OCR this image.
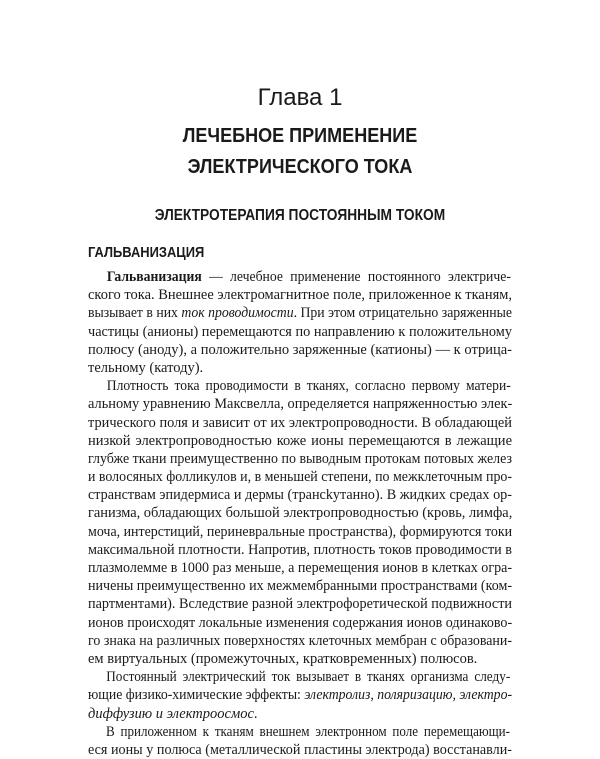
Глава 1
ЛЕЧЕБНОЕ ПРИМЕНЕНИЕ
ЭЛЕКТРИЧЕСКОГО ТОКА
ЭЛЕКТРОТЕРАПИЯ ПОСТОЯННЫМ ТОКОМ
ГАЛЬВАНИЗАЦИЯ
Гальванизация — лечебное применение постоянного электриче-
ского тока. Внешнее электромагнитное поле, приложенное к тканям,
вызывает в них ток проводимости. При этом отрицательно заряженные
частицы (анионы) перемещаются по направлению к положительному
полюсу (аноду), а положительно заряженные (катионы) — к отрица-
тельному (катоду).
Плотность тока проводимости в тканях, согласно первому матери-
альному уравнению Максвелла, определяется напряженностью элек-
трического поля и зависит от их электропроводности. В обладающей
низкой электропроводностью коже ионы перемещаются в лежащие
глубже ткани преимущественно по выводным протокам потовых желез
и волосяных фолликулов и, в меньшей степени, по межклеточным про-
странствам эпидермиса и дермы (трансkутанно). В жидких средах ор-
ганизма, обладающих большой электропроводностью (кровь, лимфа,
моча, интерстиций, периневральные пространства), формируются токи
максимальной плотности. Напротив, плотность токов проводимости в
плазмолемме в 1000 раз меньше, а перемещения ионов в клетках огра-
ничены преимущественно их межмембранными пространствами (ком-
партментами). Вследствие разной электрофоретической подвижности
ионов происходят локальные изменения содержания ионов одинаково-
го знака на различных поверхностях клеточных мембран с образовани-
ем виртуальных (промежуточных, кратковременных) полюсов.
Постоянный электрический ток вызывает в тканях организма следу-
ющие физико-химические эффекты: электролиз, поляризацию, электро-
диффузию и электроосмос.
В приложенном к тканям внешнем электронном поле перемещающи-
еся ионы у полюса (металлической пластины электрода) восстанавли-
